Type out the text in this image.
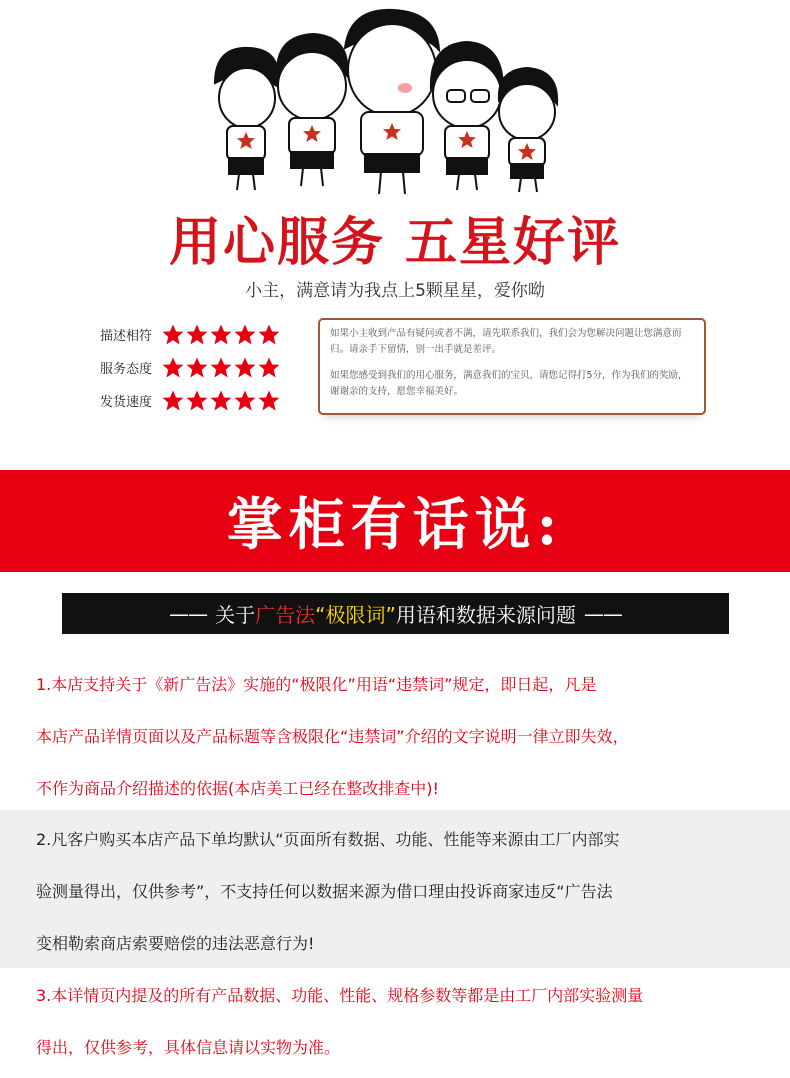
用心服务 五星好评
小主，满意请为我点上5颗星星，爱你呦
描述相符
服务态度
发货速度

如果小主收到产品有疑问或者不满，请先联系我们，我们会为您解决问题让您满意而归。请亲手下留情，别一出手就是差评。

如果您感受到我们的用心服务，满意我们的宝贝，请您记得打5分，作为我们的奖励，谢谢亲的支持，愿您幸福美好。

掌柜有话说:
—— 关于 广告法 “极限词” 用语和数据来源问题 ——
1.本店支持关于《新广告法》实施的“极限化”用语“违禁词”规定，即日起，凡是
本店产品详情页面以及产品标题等含极限化“违禁词”介绍的文字说明一律立即失效，
不作为商品介绍描述的依据(本店美工已经在整改排查中)!
2.凡客户购买本店产品下单均默认“页面所有数据、功能、性能等来源由工厂内部实
验测量得出，仅供参考”，不支持任何以数据来源为借口理由投诉商家违反“广告法
变相勒索商店索要赔偿的违法恶意行为!
3.本详情页内提及的所有产品数据、功能、性能、规格参数等都是由工厂内部实验测量
得出，仅供参考，具体信息请以实物为准。
